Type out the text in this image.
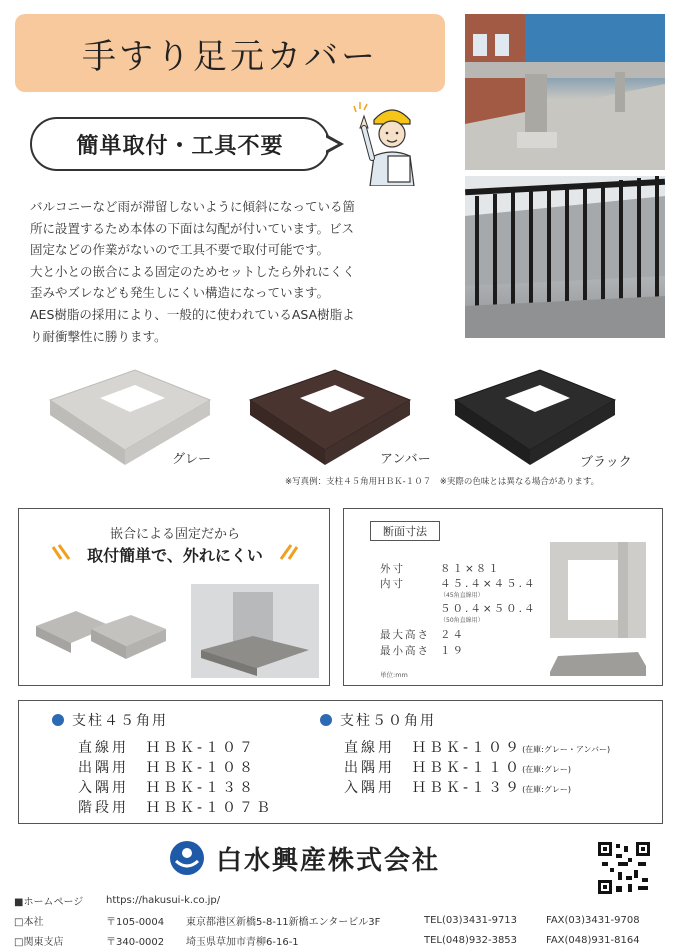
手すり足元カバー
簡単取付・工具不要

バルコニーなど雨が滞留しないように傾斜になっている箇

所に設置するため本体の下面は勾配が付いています。ビス

固定などの作業がないので工具不要で取付可能です。

大と小との嵌合による固定のためセットしたら外れにくく

歪みやズレなども発生しにくい構造になっています。

AES樹脂の採用により、一般的に使われているASA樹脂よ

り耐衝撃性に勝ります。

グレー	アンバー	ブラック
※写真例：支柱４５角用ＨＢＫ-１０７　※実際の色味とは異なる場合があります。
嵌合による固定だから
取付簡単で、外れにくい
断面寸法
外寸	８１×８１
内寸	４５.４×４５.４
（45角直線用）
５０.４×５０.４
（50角直線用）
最大高さ ２４
最小高さ １９
単位:mm
支柱４５角用
直線用　 ＨＢＫ-１０７
出隅用　 ＨＢＫ-１０８
入隅用　 ＨＢＫ-１３８
階段用　 ＨＢＫ-１０７Ｂ
支柱５０角用
直線用　 ＨＢＫ-１０９(在庫:グレー・アンバー)
出隅用　 ＨＢＫ-１１０(在庫:グレー)
入隅用　 ＨＢＫ-１３９(在庫:グレー)
白水興産株式会社
■ホームページ	https://hakusui-k.co.jp/
□本社	〒105-0004	東京都港区新橋5-8-11新橋エンタービル3F	TEL(03)3431-9713	FAX(03)3431-9708
□関東支店	〒340-0002	埼玉県草加市青柳6-16-1	TEL(048)932-3853	FAX(048)931-8164
